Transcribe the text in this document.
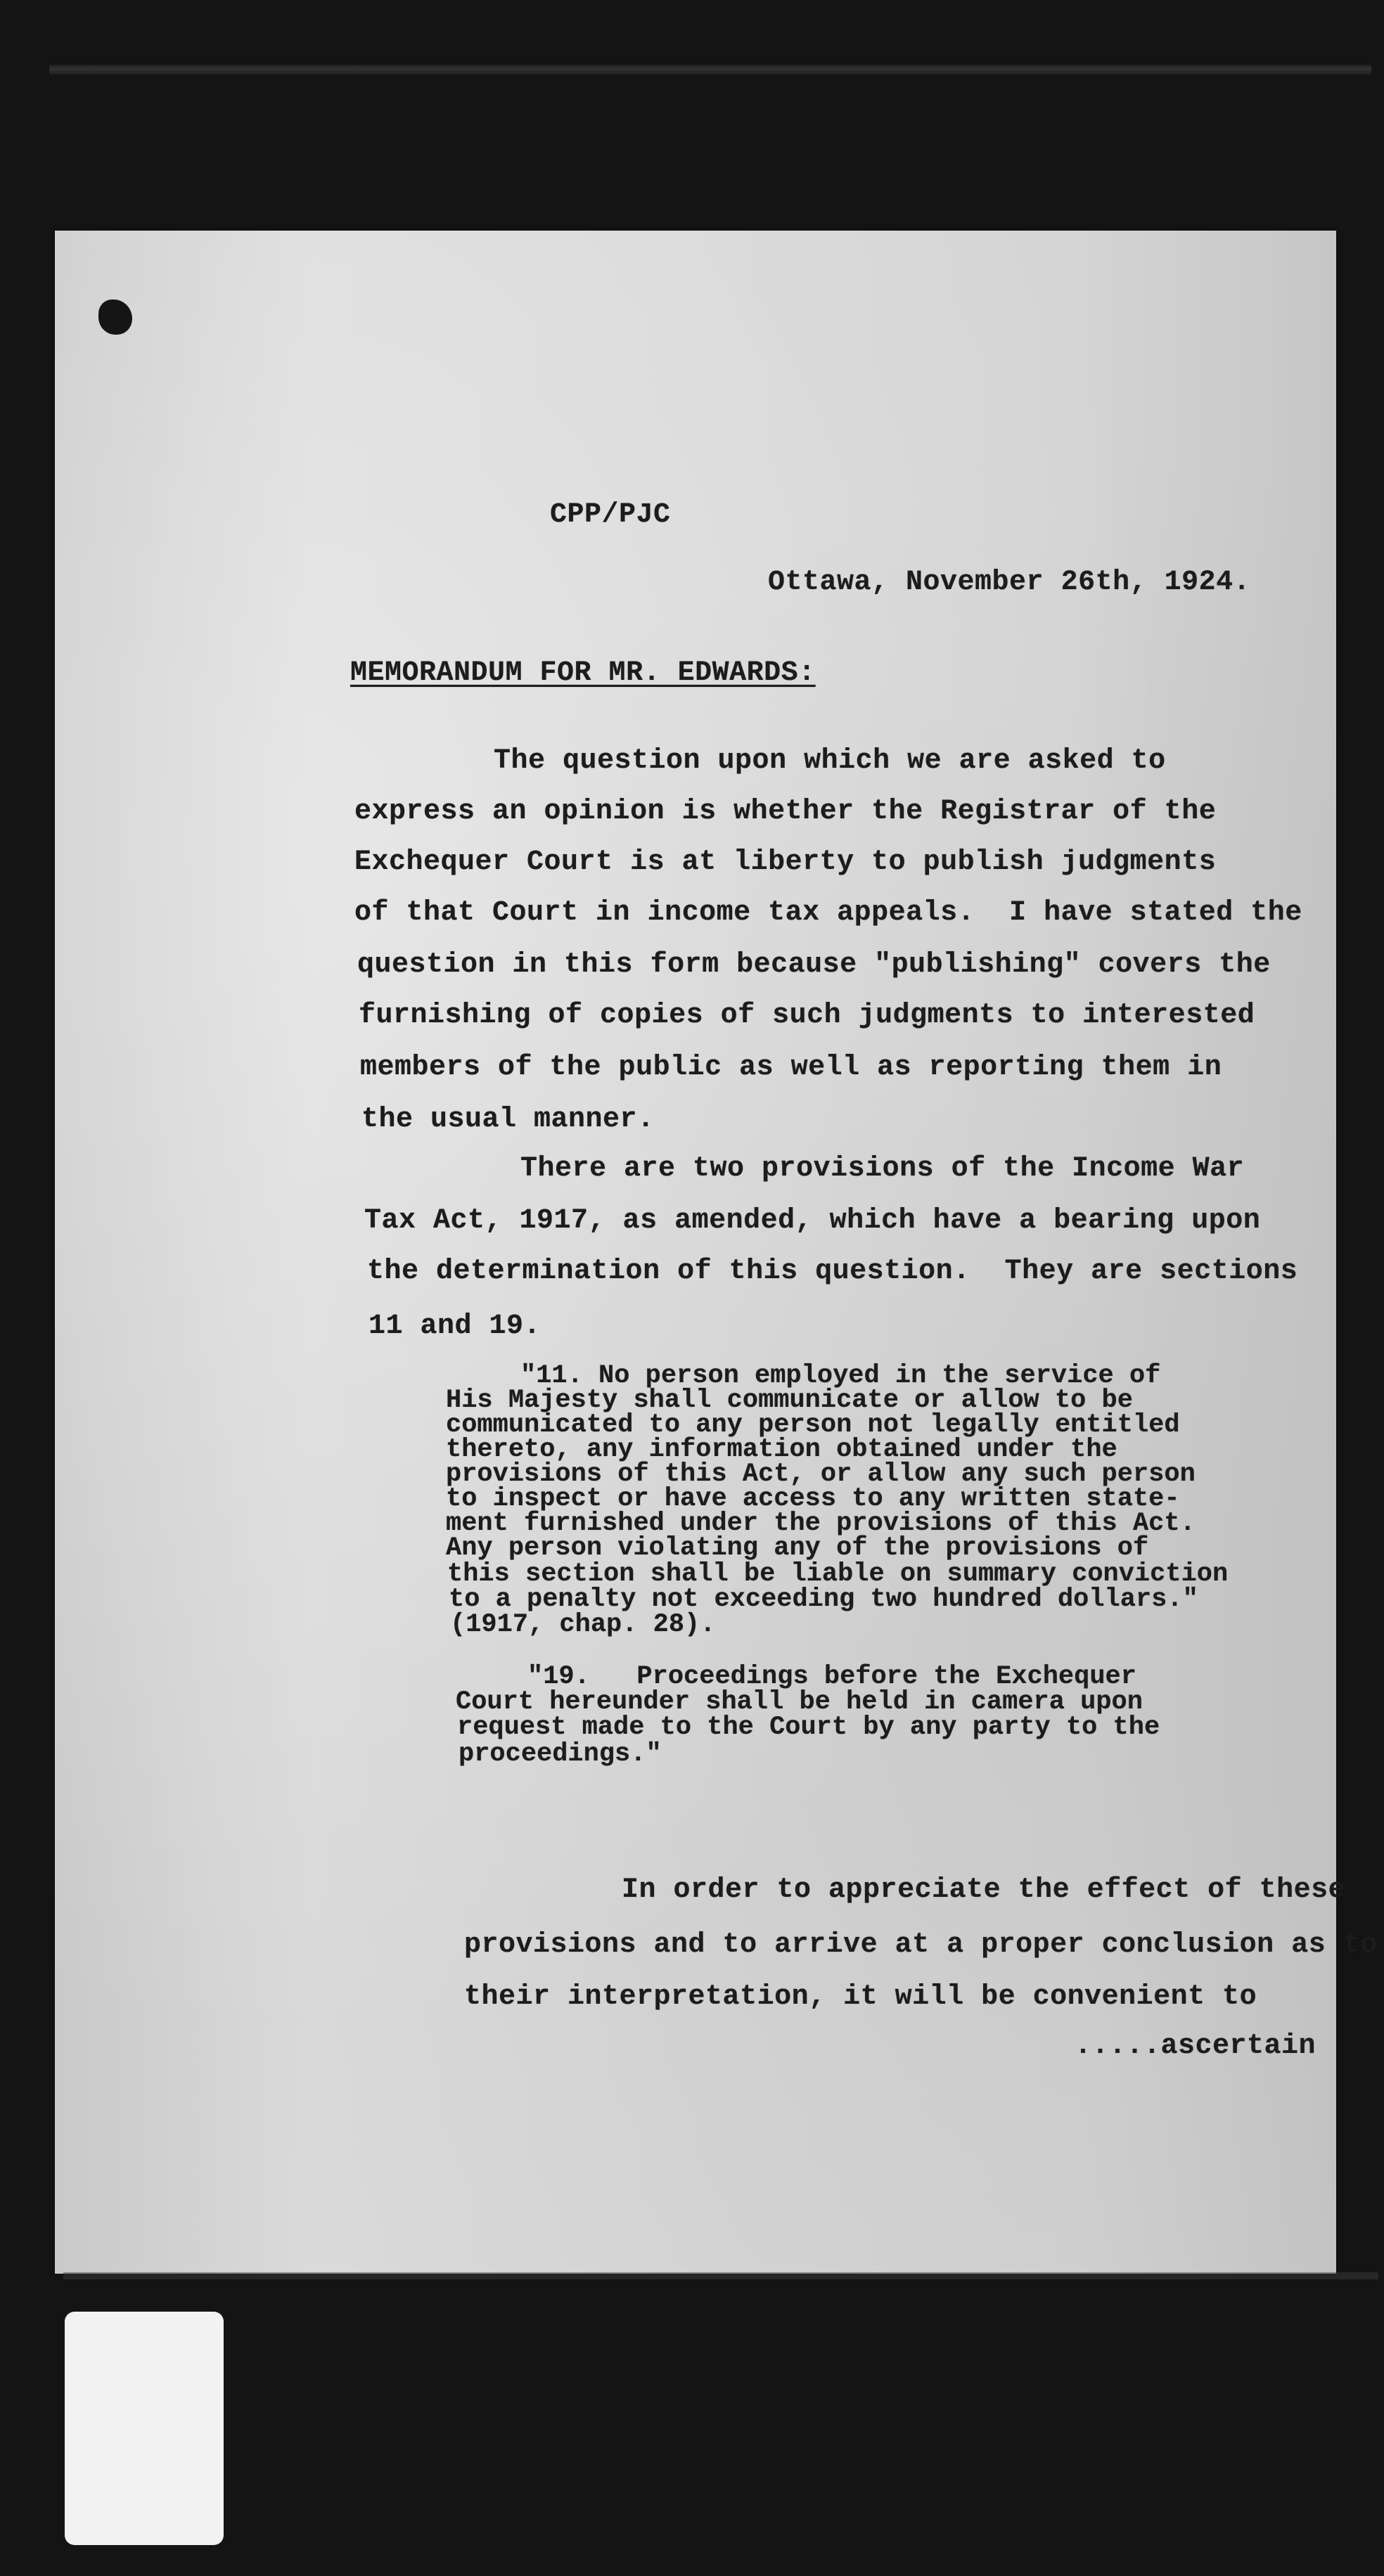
CPP/PJC

Ottawa, November 26th, 1924.

MEMORANDUM FOR MR. EDWARDS:

The question upon which we are asked to

express an opinion is whether the Registrar of the

Exchequer Court is at liberty to publish judgments

of that Court in income tax appeals.  I have stated the

question in this form because "publishing" covers the

furnishing of copies of such judgments to interested

members of the public as well as reporting them in

the usual manner.

There are two provisions of the Income War

Tax Act, 1917, as amended, which have a bearing upon

the determination of this question.  They are sections

11 and 19.

"11. No person employed in the service of

His Majesty shall communicate or allow to be

communicated to any person not legally entitled

thereto, any information obtained under the

provisions of this Act, or allow any such person

to inspect or have access to any written state-

ment furnished under the provisions of this Act.

Any person violating any of the provisions of

this section shall be liable on summary conviction

to a penalty not exceeding two hundred dollars."

(1917, chap. 28).

"19.   Proceedings before the Exchequer

Court hereunder shall be held in camera upon

request made to the Court by any party to the

proceedings."

In order to appreciate the effect of these

provisions and to arrive at a proper conclusion as to

their interpretation, it will be convenient to

.....ascertain
